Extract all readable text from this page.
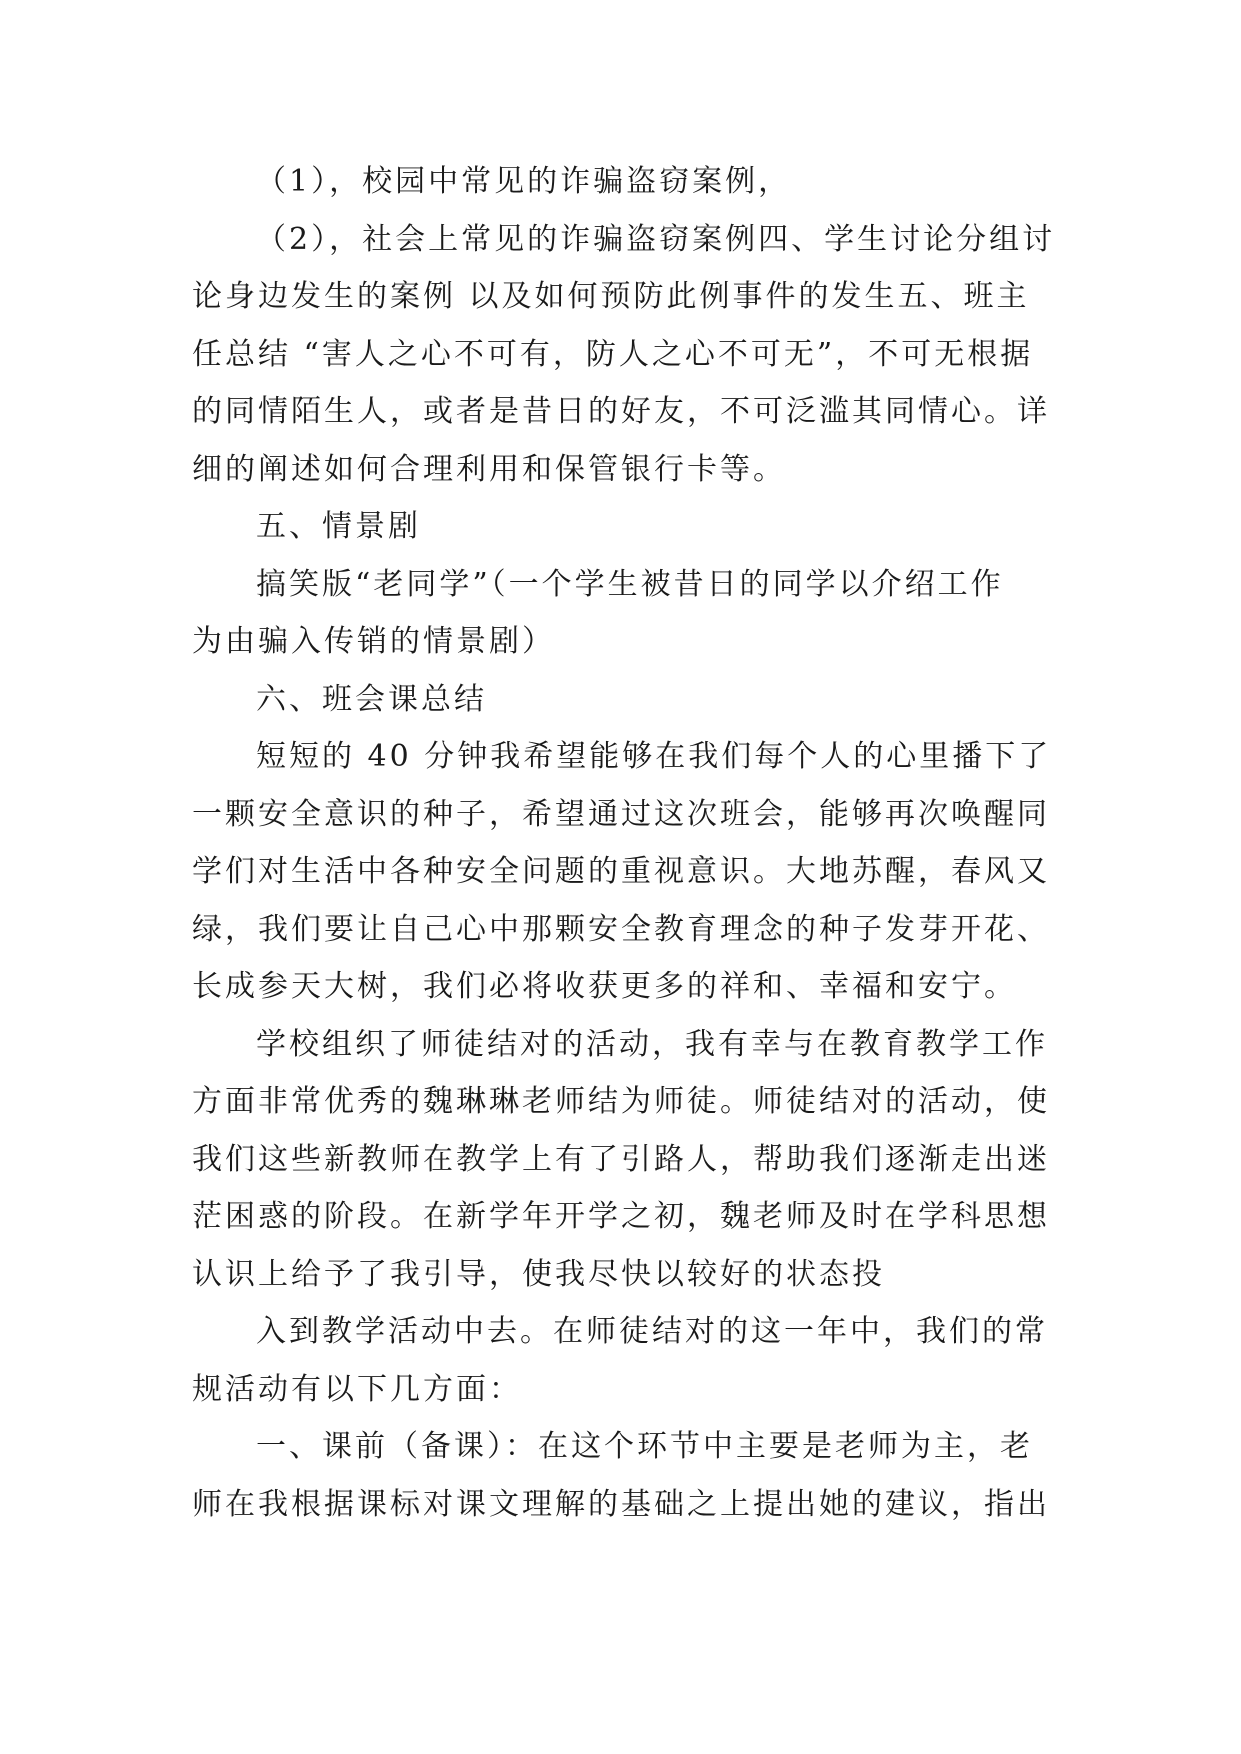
（1），校园中常见的诈骗盗窃案例，
（2），社会上常见的诈骗盗窃案例四、学生讨论分组讨
论身边发生的案例 以及如何预防此例事件的发生五、班主
任总结 “害人之心不可有，防人之心不可无”，不可无根据
的同情陌生人，或者是昔日的好友，不可泛滥其同情心。详
细的阐述如何合理利用和保管银行卡等。
五、情景剧
搞笑版“老同学”（一个学生被昔日的同学以介绍工作
为由骗入传销的情景剧）
六、班会课总结
短短的 40 分钟我希望能够在我们每个人的心里播下了
一颗安全意识的种子，希望通过这次班会，能够再次唤醒同
学们对生活中各种安全问题的重视意识。大地苏醒，春风又
绿，我们要让自己心中那颗安全教育理念的种子发芽开花、
长成参天大树，我们必将收获更多的祥和、幸福和安宁。
学校组织了师徒结对的活动，我有幸与在教育教学工作
方面非常优秀的魏琳琳老师结为师徒。师徒结对的活动，使
我们这些新教师在教学上有了引路人，帮助我们逐渐走出迷
茫困惑的阶段。在新学年开学之初，魏老师及时在学科思想
认识上给予了我引导，使我尽快以较好的状态投
入到教学活动中去。在师徒结对的这一年中，我们的常
规活动有以下几方面：
一、课前（备课）：在这个环节中主要是老师为主，老
师在我根据课标对课文理解的基础之上提出她的建议，指出
